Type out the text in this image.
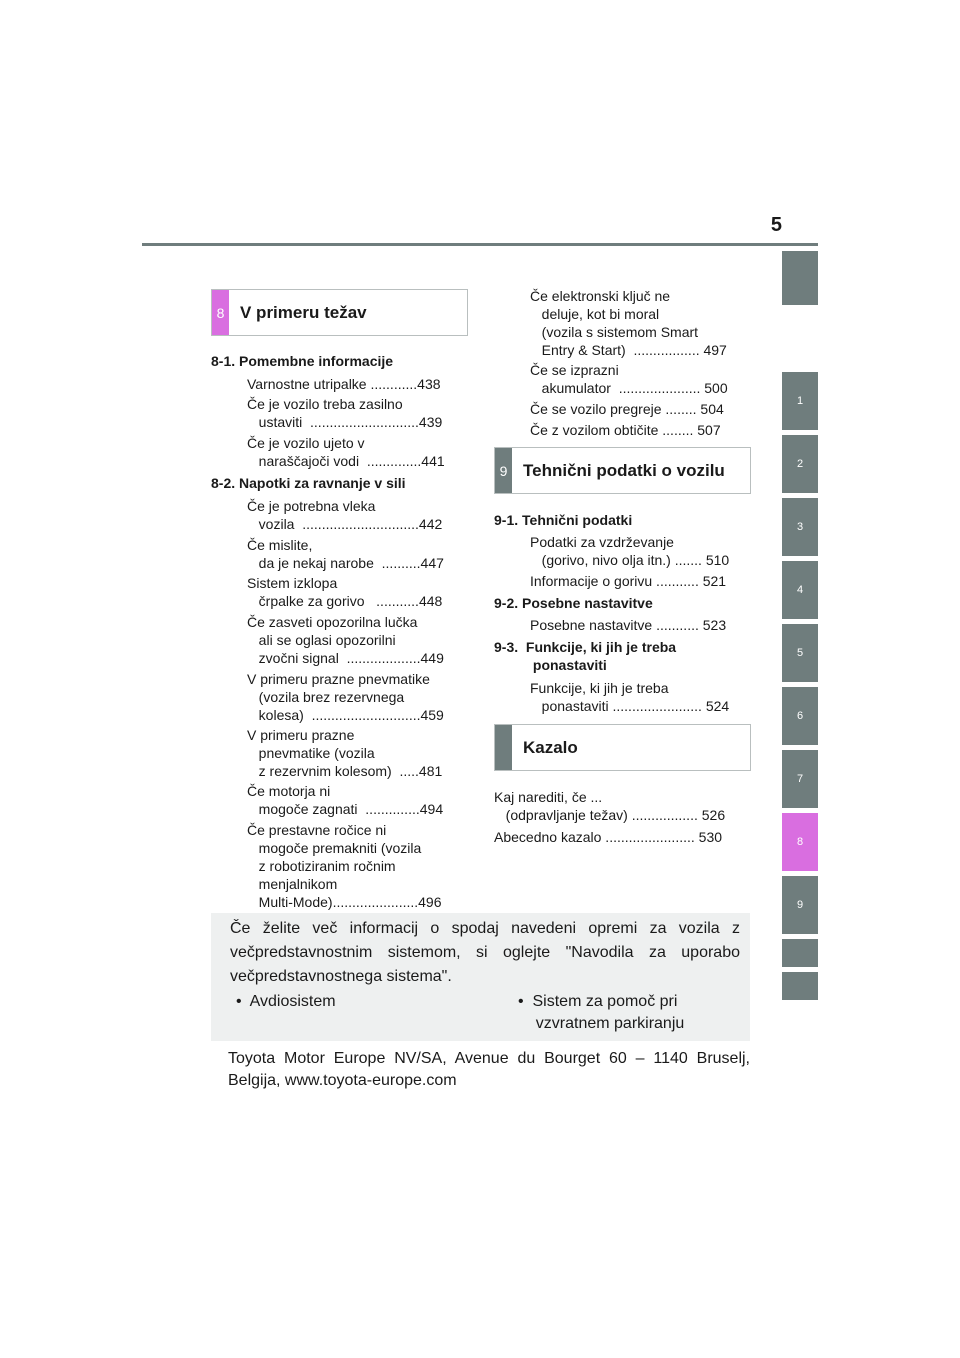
5
1
2
3
4
5
6
7
8
9
8 V primeru težav
8-1. Pomembne informacije
Varnostne utripalke ............438
Če je vozilo treba zasilno
ustaviti  ............................439
Če je vozilo ujeto v
naraščajoči vodi  ..............441
8-2. Napotki za ravnanje v sili
Če je potrebna vleka
vozila  ..............................442
Če mislite,
da je nekaj narobe  ..........447
Sistem izklopa
črpalke za gorivo   ...........448
Če zasveti opozorilna lučka
ali se oglasi opozorilni
zvočni signal  ...................449
V primeru prazne pnevmatike
(vozila brez rezervnega
kolesa)  ............................459
V primeru prazne
pnevmatike (vozila
z rezervnim kolesom)  .....481
Če motorja ni
mogoče zagnati  ..............494
Če prestavne ročice ni
mogoče premakniti (vozila
z robotiziranim ročnim
menjalnikom
Multi-Mode)......................496
Če elektronski ključ ne
deluje, kot bi moral
(vozila s sistemom Smart
Entry & Start)  ................. 497
Če se izprazni
akumulator  ..................... 500
Če se vozilo pregreje ........ 504
Če z vozilom obtičite ........ 507
9 Tehnični podatki o vozilu
9-1. Tehnični podatki
Podatki za vzdrževanje
(gorivo, nivo olja itn.) ....... 510
Informacije o gorivu ........... 521
9-2. Posebne nastavitve
Posebne nastavitve ........... 523
9-3.  Funkcije, ki jih je treba
ponastaviti
Funkcije, ki jih je treba
ponastaviti ....................... 524
Kazalo
Kaj narediti, če ...
(odpravljanje težav) ................. 526
Abecedno kazalo ....................... 530
Če želite več informacij o spodaj navedeni opremi za vozila z večpredstavnostnim sistemom, si oglejte "Navodila za uporabo večpredstavnostnega sistema".
•  Avdiosistem	•  Sistem za pomoč pri
vzvratnem parkiranju
Toyota Motor Europe NV/SA, Avenue du Bourget 60 – 1140 Bruselj, Belgija, www.toyota-europe.com
